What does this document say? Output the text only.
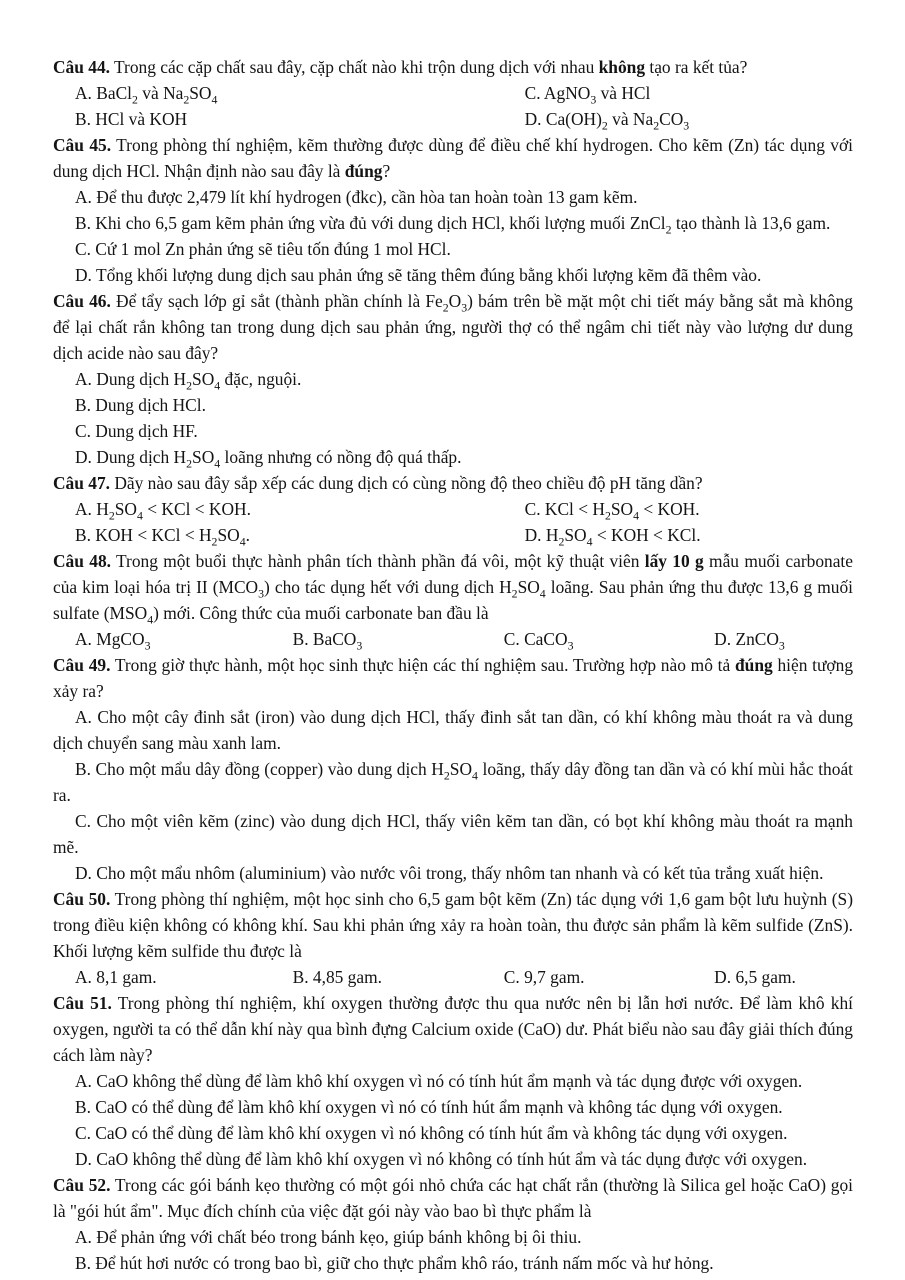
Câu 44. Trong các cặp chất sau đây, cặp chất nào khi trộn dung dịch với nhau không tạo ra kết tủa?

A. BaCl$_2$ và $Na_2SO_4$

B. HCl và KOH

C. AgNO$_3$ và HCl

D. $Ca(OH)_2$ và $Na_2CO_3$

Câu 45. Trong phòng thí nghiệm, kẽm thường được dùng để điều chế khí hydrogen. Cho kẽm (Zn) tác dụng với dung dịch HCl. Nhận định nào sau đây là đúng?

A. Để thu được 2,479 lít khí hydrogen (đkc), cần hòa tan hoàn toàn 13 gam kẽm.

B. Khi cho 6,5 gam kẽm phản ứng vừa đủ với dung dịch HCl, khối lượng muối ZnCl$_2$ tạo thành là 13,6 gam.

C. Cứ 1 mol Zn phản ứng sẽ tiêu tốn đúng 1 mol HCl.

D. Tổng khối lượng dung dịch sau phản ứng sẽ tăng thêm đúng bằng khối lượng kẽm đã thêm vào.

Câu 46. Để tẩy sạch lớp gỉ sắt (thành phần chính là $Fe_2O_3$) bám trên bề mặt một chi tiết máy bằng sắt mà không để lại chất rắn không tan trong dung dịch sau phản ứng, người thợ có thể ngâm chi tiết này vào lượng dư dung dịch acide nào sau đây?

A. Dung dịch $H_2SO_4$ đặc, nguội.

B. Dung dịch HCl.

C. Dung dịch HF.

D. Dung dịch $H_2SO_4$ loãng nhưng có nồng độ quá thấp.

Câu 47. Dãy nào sau đây sắp xếp các dung dịch có cùng nồng độ theo chiều độ pH tăng dần?

A. $H_2SO_4$ < KCl < KOH.

B. KOH < KCl < $H_2SO_4$.

C. KCl < $H_2SO_4$ < KOH.

D. $H_2SO_4$ < KOH < KCl.

Câu 48. Trong một buổi thực hành phân tích thành phần đá vôi, một kỹ thuật viên lấy 10 g mẫu muối carbonate của kim loại hóa trị II $(MCO_3)$ cho tác dụng hết với dung dịch $H_2SO_4$ loãng. Sau phản ứng thu được 13,6 g muối sulfate $(MSO_4)$ mới. Công thức của muối carbonate ban đầu là

A. MgCO$_3$	B. BaCO$_3$	C. CaCO$_3$	D. ZnCO$_3$

Câu 49. Trong giờ thực hành, một học sinh thực hiện các thí nghiệm sau. Trường hợp nào mô tả đúng hiện tượng xảy ra?

A. Cho một cây đinh sắt (iron) vào dung dịch HCl, thấy đinh sắt tan dần, có khí không màu thoát ra và dung dịch chuyển sang màu xanh lam.

B. Cho một mẩu dây đồng (copper) vào dung dịch $H_2SO_4$ loãng, thấy dây đồng tan dần và có khí mùi hắc thoát ra.

C. Cho một viên kẽm (zinc) vào dung dịch HCl, thấy viên kẽm tan dần, có bọt khí không màu thoát ra mạnh mẽ.

D. Cho một mẩu nhôm (aluminium) vào nước vôi trong, thấy nhôm tan nhanh và có kết tủa trắng xuất hiện.

Câu 50. Trong phòng thí nghiệm, một học sinh cho 6,5 gam bột kẽm (Zn) tác dụng với 1,6 gam bột lưu huỳnh (S) trong điều kiện không có không khí. Sau khi phản ứng xảy ra hoàn toàn, thu được sản phẩm là kẽm sulfide (ZnS). Khối lượng kẽm sulfide thu được là

A. 8,1 gam.	B. 4,85 gam.	C. 9,7 gam.	D. 6,5 gam.

Câu 51. Trong phòng thí nghiệm, khí oxygen thường được thu qua nước nên bị lẫn hơi nước. Để làm khô khí oxygen, người ta có thể dẫn khí này qua bình đựng Calcium oxide (CaO) dư. Phát biểu nào sau đây giải thích đúng cách làm này?

A. CaO không thể dùng để làm khô khí oxygen vì nó có tính hút ẩm mạnh và tác dụng được với oxygen.

B. CaO có thể dùng để làm khô khí oxygen vì nó có tính hút ẩm mạnh và không tác dụng với oxygen.

C. CaO có thể dùng để làm khô khí oxygen vì nó không có tính hút ẩm và không tác dụng với oxygen.

D. CaO không thể dùng để làm khô khí oxygen vì nó không có tính hút ẩm và tác dụng được với oxygen.

Câu 52. Trong các gói bánh kẹo thường có một gói nhỏ chứa các hạt chất rắn (thường là Silica gel hoặc CaO) gọi là "gói hút ẩm". Mục đích chính của việc đặt gói này vào bao bì thực phẩm là

A. Để phản ứng với chất béo trong bánh kẹo, giúp bánh không bị ôi thiu.

B. Để hút hơi nước có trong bao bì, giữ cho thực phẩm khô ráo, tránh nấm mốc và hư hỏng.
